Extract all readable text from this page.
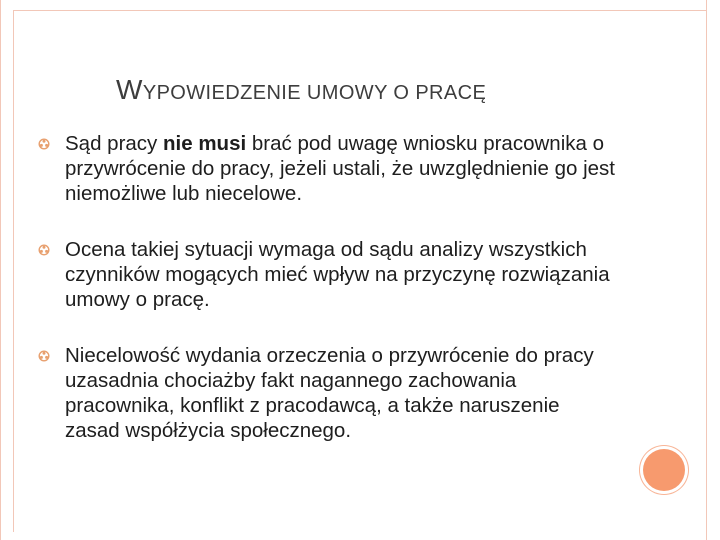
WYPOWIEDZENIE UMOWY O PRACĘ
Sąd pracy nie musi brać pod uwagę wniosku pracownika o przywrócenie do pracy, jeżeli ustali, że uwzględnienie go jest niemożliwe lub niecelowe.
Ocena takiej sytuacji wymaga od sądu analizy wszystkich czynników mogących mieć wpływ na przyczynę rozwiązania umowy o pracę.
Niecelowość wydania orzeczenia o przywrócenie do pracy uzasadnia chociażby fakt nagannego zachowania pracownika, konflikt z pracodawcą, a także naruszenie zasad współżycia społecznego.
